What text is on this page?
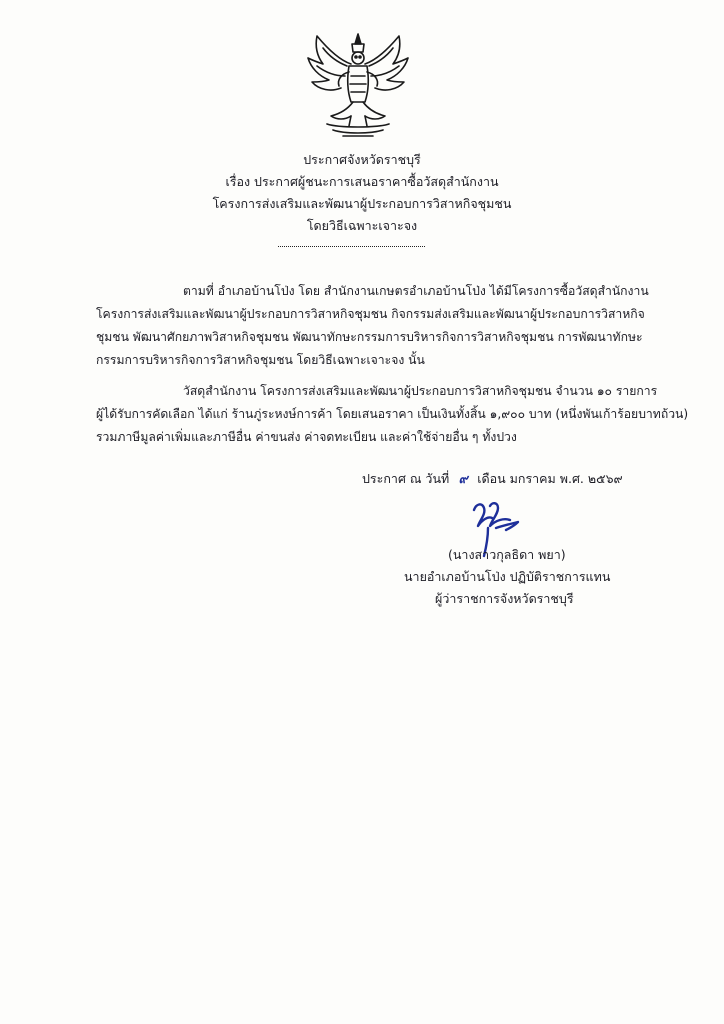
ประกาศจังหวัดราชบุรี
เรื่อง ประกาศผู้ชนะการเสนอราคาซื้อวัสดุสำนักงาน
โครงการส่งเสริมและพัฒนาผู้ประกอบการวิสาหกิจชุมชน
โดยวิธีเฉพาะเจาะจง
ตามที่ อำเภอบ้านโป่ง โดย สำนักงานเกษตรอำเภอบ้านโป่ง ได้มีโครงการซื้อวัสดุสำนักงาน
โครงการส่งเสริมและพัฒนาผู้ประกอบการวิสาหกิจชุมชน กิจกรรมส่งเสริมและพัฒนาผู้ประกอบการวิสาหกิจ
ชุมชน พัฒนาศักยภาพวิสาหกิจชุมชน พัฒนาทักษะกรรมการบริหารกิจการวิสาหกิจชุมชน การพัฒนาทักษะ
กรรมการบริหารกิจการวิสาหกิจชุมชน โดยวิธีเฉพาะเจาะจง นั้น
วัสดุสำนักงาน โครงการส่งเสริมและพัฒนาผู้ประกอบการวิสาหกิจชุมชน จำนวน ๑๐ รายการ
ผู้ได้รับการคัดเลือก ได้แก่ ร้านภู่ระหงษ์การค้า โดยเสนอราคา เป็นเงินทั้งสิ้น ๑,๙๐๐ บาท (หนึ่งพันเก้าร้อยบาทถ้วน)
รวมภาษีมูลค่าเพิ่มและภาษีอื่น ค่าขนส่ง ค่าจดทะเบียน และค่าใช้จ่ายอื่น ๆ ทั้งปวง
ประกาศ ณ วันที่ ๙ เดือน มกราคม พ.ศ. ๒๕๖๙
(นางสาวกุลธิดา พยา)
นายอำเภอบ้านโป่ง ปฏิบัติราชการแทน
ผู้ว่าราชการจังหวัดราชบุรี
